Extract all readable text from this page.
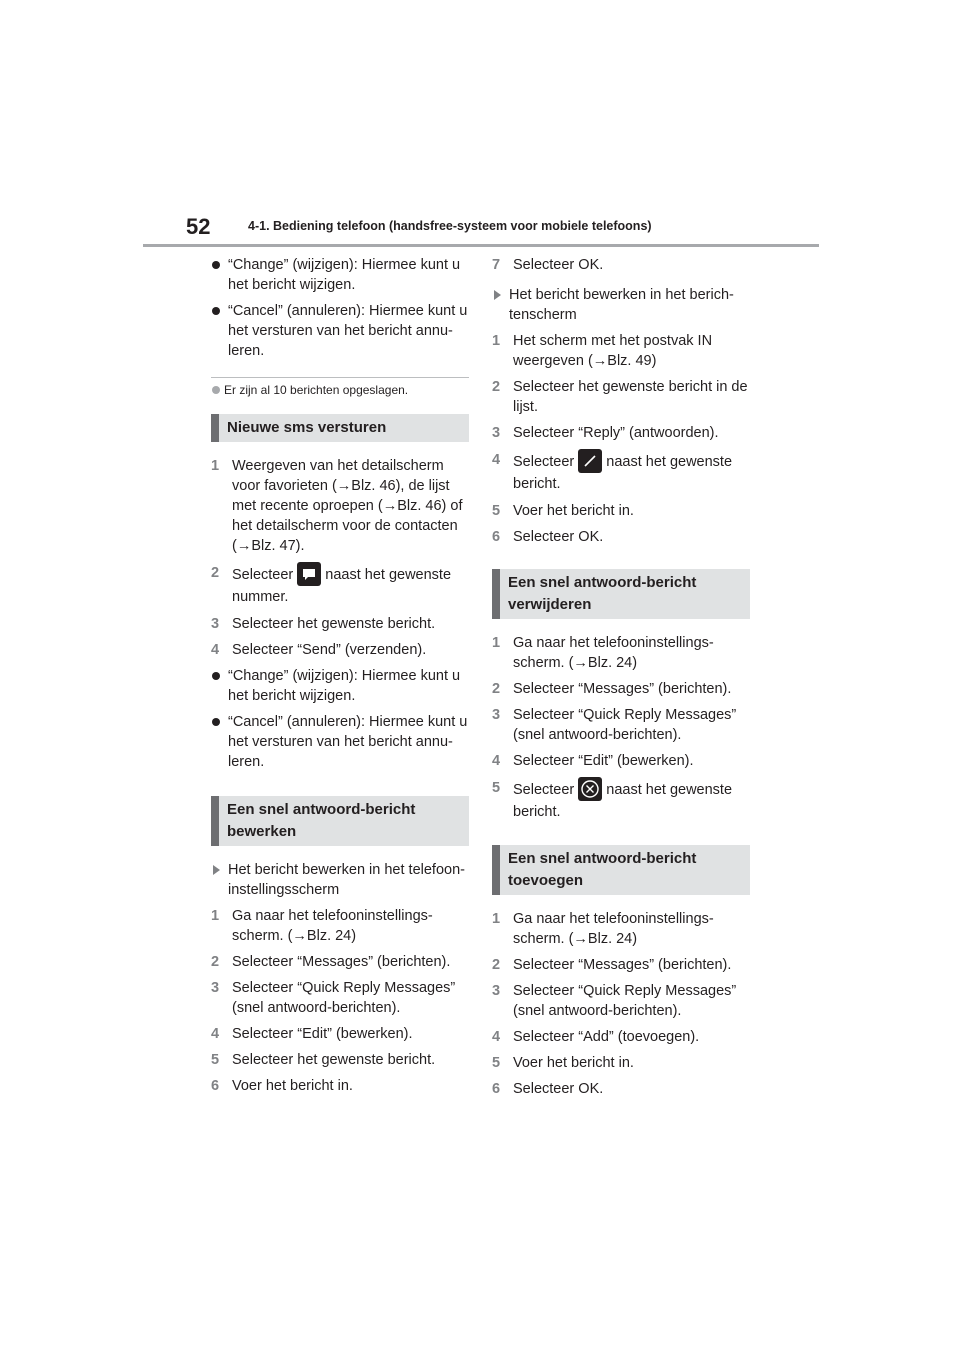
52	4-1. Bediening telefoon (handsfree-systeem voor mobiele telefoons)
“Change” (wijzigen): Hiermee kunt u het bericht wijzigen.
“Cancel” (annuleren): Hiermee kunt u het versturen van het bericht annu-leren.
Er zijn al 10 berichten opgeslagen.
Nieuwe sms versturen
1 Weergeven van het detailscherm voor favorieten (→Blz. 46), de lijst met recente oproepen (→Blz. 46) of het detailscherm voor de contacten (→Blz. 47).
2 Selecteer naast het gewenste nummer.
3 Selecteer het gewenste bericht.
4 Selecteer “Send” (verzenden).
“Change” (wijzigen): Hiermee kunt u het bericht wijzigen.
“Cancel” (annuleren): Hiermee kunt u het versturen van het bericht annu-leren.
Een snel antwoord-bericht bewerken
Het bericht bewerken in het telefoon-instellingsscherm
1 Ga naar het telefooninstellings-scherm. (→Blz. 24)
2 Selecteer “Messages” (berichten).
3 Selecteer “Quick Reply Messages” (snel antwoord-berichten).
4 Selecteer “Edit” (bewerken).
5 Selecteer het gewenste bericht.
6 Voer het bericht in.
7 Selecteer OK.
Het bericht bewerken in het berich-tenscherm
1 Het scherm met het postvak IN weergeven (→Blz. 49)
2 Selecteer het gewenste bericht in de lijst.
3 Selecteer “Reply” (antwoorden).
4 Selecteer naast het gewenste bericht.
5 Voer het bericht in.
6 Selecteer OK.
Een snel antwoord-bericht verwijderen
1 Ga naar het telefooninstellings-scherm. (→Blz. 24)
2 Selecteer “Messages” (berichten).
3 Selecteer “Quick Reply Messages” (snel antwoord-berichten).
4 Selecteer “Edit” (bewerken).
5 Selecteer naast het gewenste bericht.
Een snel antwoord-bericht toevoegen
1 Ga naar het telefooninstellings-scherm. (→Blz. 24)
2 Selecteer “Messages” (berichten).
3 Selecteer “Quick Reply Messages” (snel antwoord-berichten).
4 Selecteer “Add” (toevoegen).
5 Voer het bericht in.
6 Selecteer OK.
